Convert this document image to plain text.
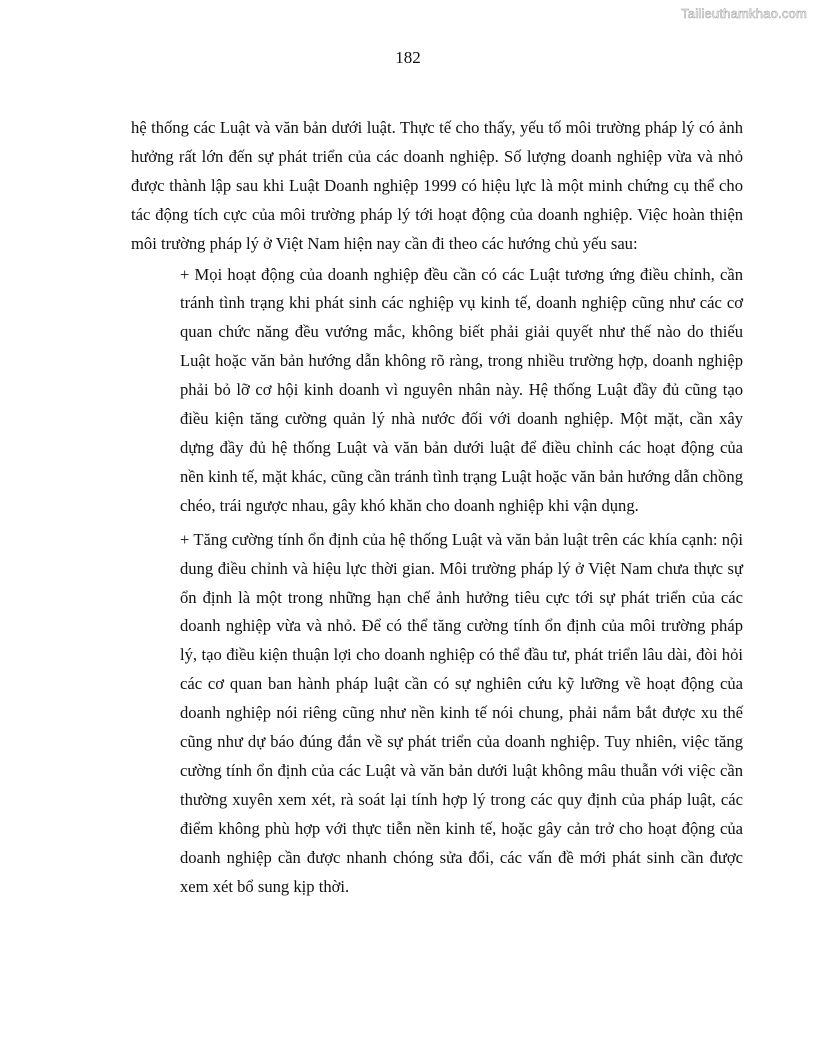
Tailieuthamkhao.com
182

hệ thống các Luật và văn bản dưới luật. Thực tế cho thấy, yếu tố môi trường pháp lý có ảnh hưởng rất lớn đến sự phát triển của các doanh nghiệp. Số lượng doanh nghiệp vừa và nhỏ được thành lập sau khi Luật Doanh nghiệp 1999 có hiệu lực là một minh chứng cụ thể cho tác động tích cực của môi trường pháp lý tới hoạt động của doanh nghiệp. Việc hoàn thiện môi trường pháp lý ở Việt Nam hiện nay cần đi theo các hướng chủ yếu sau:

+ Mọi hoạt động của doanh nghiệp đều cần có các Luật tương ứng điều chỉnh, cần tránh tình trạng khi phát sinh các nghiệp vụ kinh tế, doanh nghiệp cũng như các cơ quan chức năng đều vướng mắc, không biết phải giải quyết như thế nào do thiếu Luật hoặc văn bản hướng dẫn không rõ ràng, trong nhiều trường hợp, doanh nghiệp phải bỏ lỡ cơ hội kinh doanh vì nguyên nhân này. Hệ thống Luật đầy đủ cũng tạo điều kiện tăng cường quản lý nhà nước đối với doanh nghiệp. Một mặt, cần xây dựng đầy đủ hệ thống Luật và văn bản dưới luật để điều chỉnh các hoạt động của nền kinh tế, mặt khác, cũng cần tránh tình trạng Luật hoặc văn bản hướng dẫn chồng chéo, trái ngược nhau, gây khó khăn cho doanh nghiệp khi vận dụng.

+ Tăng cường tính ổn định của hệ thống Luật và văn bản luật trên các khía cạnh: nội dung điều chỉnh và hiệu lực thời gian. Môi trường pháp lý ở Việt Nam chưa thực sự ổn định là một trong những hạn chế ảnh hưởng tiêu cực tới sự phát triển của các doanh nghiệp vừa và nhỏ. Để có thể tăng cường tính ổn định của môi trường pháp lý, tạo điều kiện thuận lợi cho doanh nghiệp có thể đầu tư, phát triển lâu dài, đòi hỏi các cơ quan ban hành pháp luật cần có sự nghiên cứu kỹ lưỡng về hoạt động của doanh nghiệp nói riêng cũng như nền kinh tế nói chung, phải nắm bắt được xu thế cũng như dự báo đúng đắn về sự phát triển của doanh nghiệp. Tuy nhiên, việc tăng cường tính ổn định của các Luật và văn bản dưới luật không mâu thuẫn với việc cần thường xuyên xem xét, rà soát lại tính hợp lý trong các quy định của pháp luật, các điểm không phù hợp với thực tiễn nền kinh tế, hoặc gây cản trở cho hoạt động của doanh nghiệp cần được nhanh chóng sửa đổi, các vấn đề mới phát sinh cần được xem xét bổ sung kịp thời.
